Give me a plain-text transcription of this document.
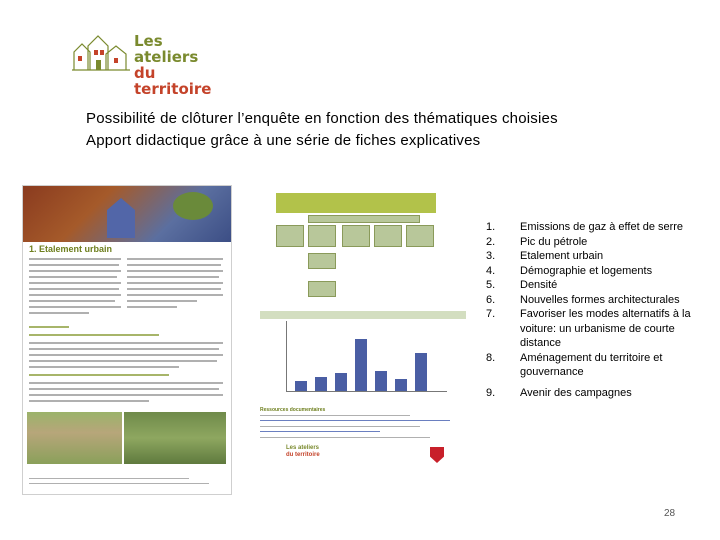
Les ateliers
du territoire
Possibilité de clôturer l’enquête en fonction des thématiques choisies
Apport didactique grâce à une série de fiches explicatives
1. Etalement urbain
Ressources documentaires
Les ateliers
du territoire
1.	Emissions de gaz à effet de serre
2.	Pic du pétrole
3.	Etalement urbain
4.	Démographie et logements
5.	Densité
6.	Nouvelles formes architecturales
7.	Favoriser les modes alternatifs à la voiture: un urbanisme de courte distance
8.	Aménagement du territoire et gouvernance
9.	Avenir des campagnes
28
